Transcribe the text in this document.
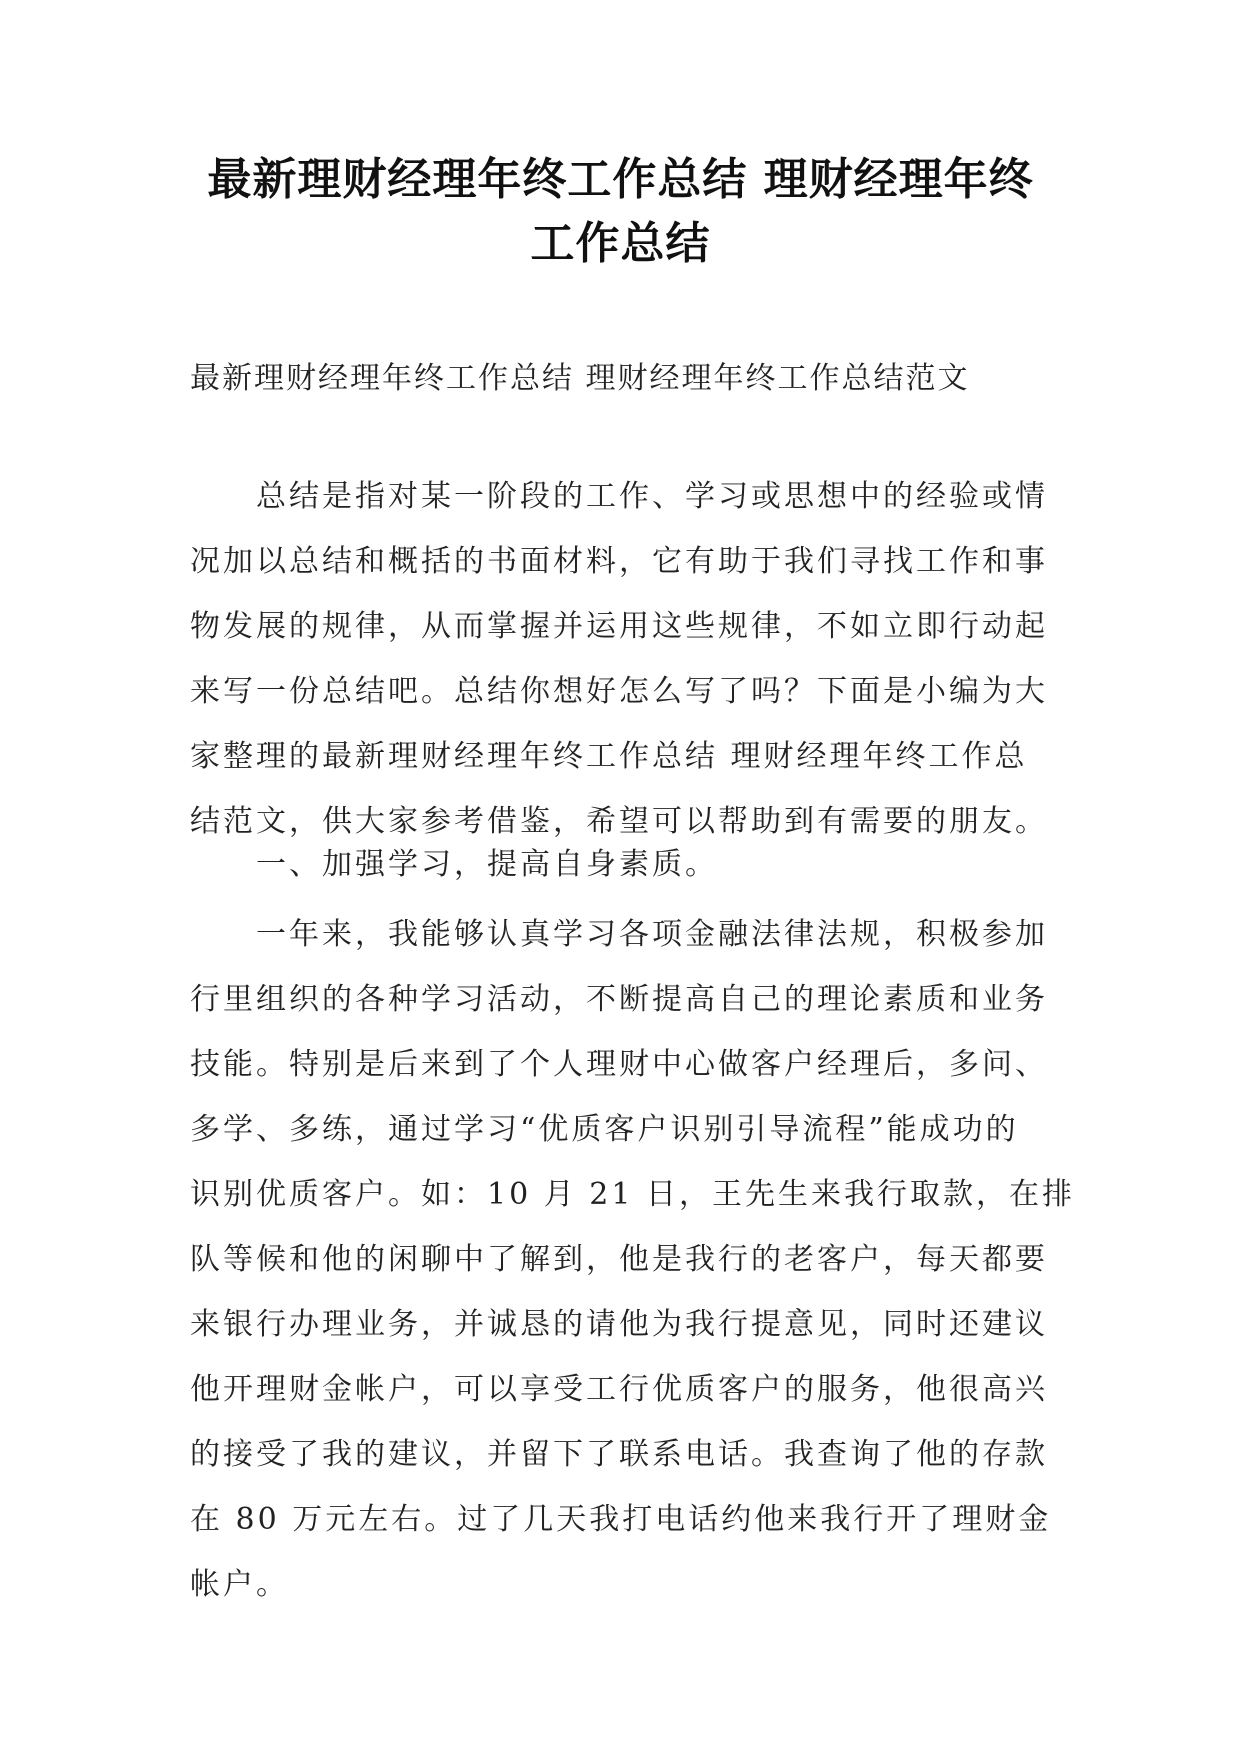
最新理财经理年终工作总结 理财经理年终
工作总结

最新理财经理年终工作总结 理财经理年终工作总结范文

总结是指对某一阶段的工作、学习或思想中的经验或情
况加以总结和概括的书面材料，它有助于我们寻找工作和事
物发展的规律，从而掌握并运用这些规律，不如立即行动起
来写一份总结吧。总结你想好怎么写了吗？下面是小编为大
家整理的最新理财经理年终工作总结 理财经理年终工作总
结范文，供大家参考借鉴，希望可以帮助到有需要的朋友。
一、加强学习，提高自身素质。
一年来，我能够认真学习各项金融法律法规，积极参加
行里组织的各种学习活动，不断提高自己的理论素质和业务
技能。特别是后来到了个人理财中心做客户经理后，多问、
多学、多练，通过学习“优质客户识别引导流程”能成功的
识别优质客户。如：10 月 21 日，王先生来我行取款，在排
队等候和他的闲聊中了解到，他是我行的老客户，每天都要
来银行办理业务，并诚恳的请他为我行提意见，同时还建议
他开理财金帐户，可以享受工行优质客户的服务，他很高兴
的接受了我的建议，并留下了联系电话。我查询了他的存款
在 80 万元左右。过了几天我打电话约他来我行开了理财金
帐户。
